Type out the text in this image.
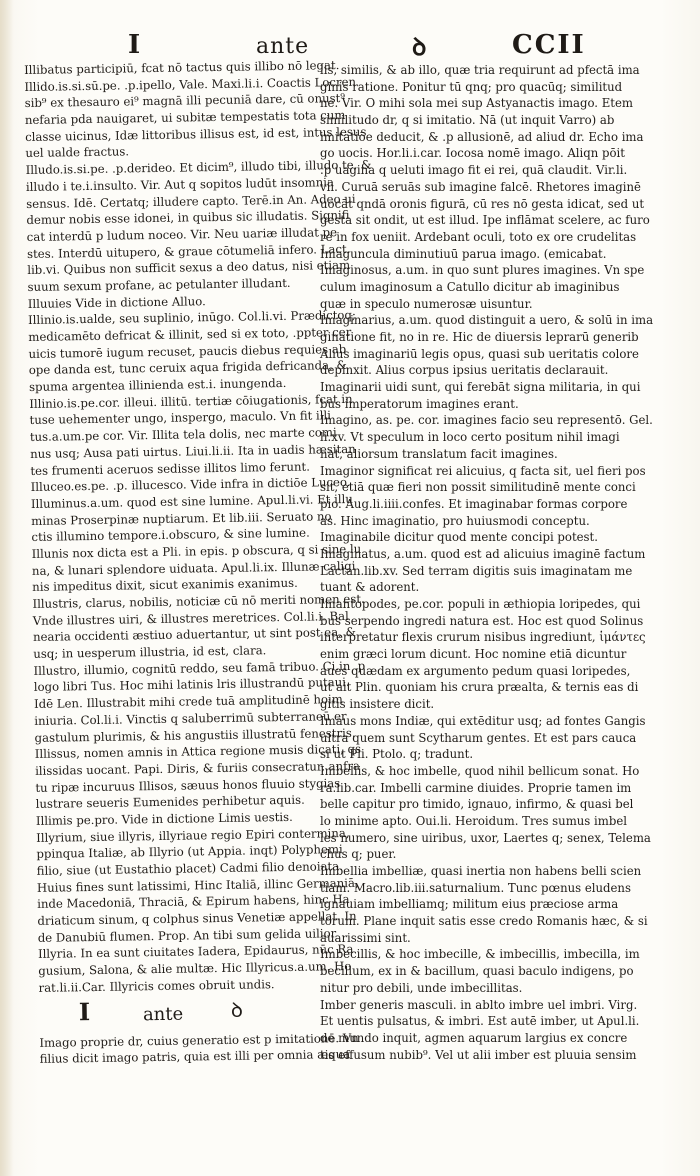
I	ante	ꝺ	CCII
Illibatus participiū, fcat nō tactus quis illibo nō legat.
Illido.is.si.sū.pe. .p.ipello, Vale. Maxi.li.i. Coactis Locren
sib⁹ ex thesauro ei⁹ magnā illi pecuniā dare, cū onust⁹
nefaria pda nauigaret, ui subitæ tempestatis tota cum
classe uicinus, Idæ littoribus illisus est, id est, intus lesus
uel ualde fractus.
Illudo.is.si.pe. .p.derideo. Et dicim⁹, illudo tibi, illudo te, &
illudo i te.i.insulto. Vir. Aut q sopitos ludūt insomnia
sensus. Idē. Certatq; illudere capto. Terē.in An. Adeo ui
demur nobis esse idonei, in quibus sic illudatis. Signifi
cat interdū p ludum noceo. Vir. Neu uariæ illudat pe
stes. Interdū uitupero, & graue cōtumeliā infero. Lact.
lib.vi. Quibus non sufficit sexus a deo datus, nisi etiam
suum sexum profane, ac petulanter illudant.
Illuuies Vide in dictione Alluo.
Illinio.is.ualde, seu suplinio, inūgo. Col.li.vi. Prædictoq;
medicamēto defricat & illinit, sed si ex toto, .ppter cer
uicis tumorē iugum recuset, paucis diebus requies ab
ope danda est, tunc ceruix aqua frigida defricanda, &
spuma argentea illinienda est.i. inungenda.
Illinio.is.pe.cor. illeui. illitū. tertiæ cōiugationis, fcat in
tuse uehementer ungo, inspergo, maculo. Vn fit illi
tus.a.um.pe cor. Vir. Illita tela dolis, nec marte comi
nus usq; Ausa pati uirtus. Liui.li.ii. Ita in uadis hæsitan
tes frumenti aceruos sedisse illitos limo ferunt.
Illuceo.es.pe. .p. illucesco. Vide infra in dictiōe Luceo.
Illuminus.a.um. quod est sine lumine. Apul.li.vi. Et illu
minas Proserpinæ nuptiarum. Et lib.iii. Seruato no
ctis illumino tempore.i.obscuro, & sine lumine.
Illunis nox dicta est a Pli. in epis. p obscura, q si sine lu
na, & lunari splendore uiduata. Apul.li.ix. Illunæ caligi
nis impeditus dixit, sicut exanimis exanimus.
Illustris, clarus, nobilis, noticiæ cū nō meriti nomen est.
Vnde illustres uiri, & illustres meretrices. Col.li.i. Bal
nearia occidenti æstiuo aduertantur, ut sint post ea, &
usq; in uesperum illustria, id est, clara.
Illustro, illumio, cognitū reddo, seu famā tribuo. Ci.in .p
logo libri Tus. Hoc mihi latinis lris illustrandū putaui.
Idē Len. Illustrabit mihi crede tuā amplitudinē hoim
iniuria. Col.li.i. Vinctis q saluberrimū subterraneū er
gastulum plurimis, & his angustiis illustratū fenestris.
Illissus, nomen amnis in Attica regione musis dicati, qs
ilissidas uocant. Papi. Diris, & furiis consecratur, anfra
tu ripæ incuruus Illisos, sæuus honos fluuio stygias
lustrare seueris Eumenides perhibetur aquis.
Illimis pe.pro. Vide in dictione Limis uestis.
Illyrium, siue illyris, illyriaue regio Epiri contermina,
ppinqua Italiæ, ab Illyrio (ut Appia. inqt) Polyphemi
filio, siue (ut Eustathio placet) Cadmi filio denoiata.
Huius fines sunt latissimi, Hinc Italiā, illinc Germaniā,
inde Macedoniā, Thraciā, & Epirum habens, hinc Ha
driaticum sinum, q colphus sinus Venetiæ appellat. In
de Danubiū flumen. Prop. An tibi sum gelida uilior
Illyria. In ea sunt ciuitates Iadera, Epidaurus, nūc Ra
gusium, Salona, & alie multæ. Hic Illyricus.a.um. Ho
rat.li.ii.Car. Illyricis comes obruit undis.
I	ante ꝺ
Imago proprie dr, cuius generatio est p imitationē. Vn
filius dicit imago patris, quia est illi per omnia æqua
lis, similis, & ab illo, quæ tria requirunt ad pfectā ima
ginis ratione. Ponitur tū qnq; pro quacūq; similitud
ne. Vir. O mihi sola mei sup Astyanactis imago. Etem
similitudo dr, q si imitatio. Nā (ut inquit Varro) ab
imitatiōe deducit, & .p allusionē, ad aliud dr. Echo ima
go uocis. Hor.li.i.car. Iocosa nomē imago. Aliqn pōit
.p uagina q ueluti imago fit ei rei, quā claudit. Vir.li.
vii. Curuā seruās sub imagine falcē. Rhetores imaginē
uocāt qndā oronis figurā, cū res nō gesta idicat, sed ut
gesta sit ondit, ut est illud. Ipe inflāmat scelere, ac furo
re in fox ueniit. Ardebant oculi, toto ex ore crudelitas
Imaguncula diminutiuū parua imago. (emicabat.
Imaginosus, a.um. in quo sunt plures imagines. Vn spe
culum imaginosum a Catullo dicitur ab imaginibus
quæ in speculo numerosæ uisuntur.
Imaginarius, a.um. quod distinguit a uero, & solū in ima
ginatione fit, no in re. Hic de diuersis leprarū generib
Alius imaginariū legis opus, quasi sub ueritatis colore
depinxit. Alius corpus ipsius ueritatis declarauit.
Imaginarii uidi sunt, qui ferebāt signa militaria, in qui
bus imperatorum imagines erant.
Imagino, as. pe. cor. imagines facio seu representō. Gel.
li.xv. Vt speculum in loco certo positum nihil imagi
nat, aliorsum translatum facit imagines.
Imaginor significat rei alicuius, q facta sit, uel fieri pos
sit, etiā quæ fieri non possit similitudinē mente conci
pio. Aug.li.iiii.confes. Et imaginabar formas corpore
as. Hinc imaginatio, pro huiusmodi conceptu.
Imaginabile dicitur quod mente concipi potest.
Imaginatus, a.um. quod est ad alicuius imaginē factum
Lactan.lib.xv. Sed terram digitis suis imaginatam me
tuant & adorent.
Imantopodes, pe.cor. populi in æthiopia loripedes, qui
bus serpendo ingredi natura est. Hoc est quod Solinus
interpretatur flexis crurum nisibus ingrediunt, ἱμάντες
enim græci lorum dicunt. Hoc nomine etiā dicuntur
aues quædam ex argumento pedum quasi loripedes,
ut ait Plin. quoniam his crura præalta, & ternis eas di
gitis insistere dicit.
Imaus mons Indiæ, qui extēditur usq; ad fontes Gangis
ultra quem sunt Scytharum gentes. Et est pars cauca
si ut Pli. Ptolo. q; tradunt.
Imbellis, & hoc imbelle, quod nihil bellicum sonat. Ho
ra.lib.car. Imbelli carmine diuides. Proprie tamen im
belle capitur pro timido, ignauo, infirmo, & quasi bel
lo minime apto. Oui.li. Heroidum. Tres sumus imbel
les numero, sine uiribus, uxor, Laertes q; senex, Telema
chus q; puer.
Imbellia imbelliæ, quasi inertia non habens belli scien
tiam. Macro.lib.iii.saturnalium. Tunc pœnus eludens
ignauiam imbelliamq; militum eius præciose arma
torum. Plane inquit satis esse credo Romanis hæc, & si
auarissimi sint.
Imbecillis, & hoc imbecille, & imbecillis, imbecilla, im
becillum, ex in & bacillum, quasi baculo indigens, po
nitur pro debili, unde imbecillitas.
Imber generis masculi. in ablto imbre uel imbri. Virg.
Et uentis pulsatus, & imbri. Est autē imber, ut Apul.li.
de mundo inquit, agmen aquarum largius ex concre
tis effusum nubib⁹. Vel ut alii imber est pluuia sensim
